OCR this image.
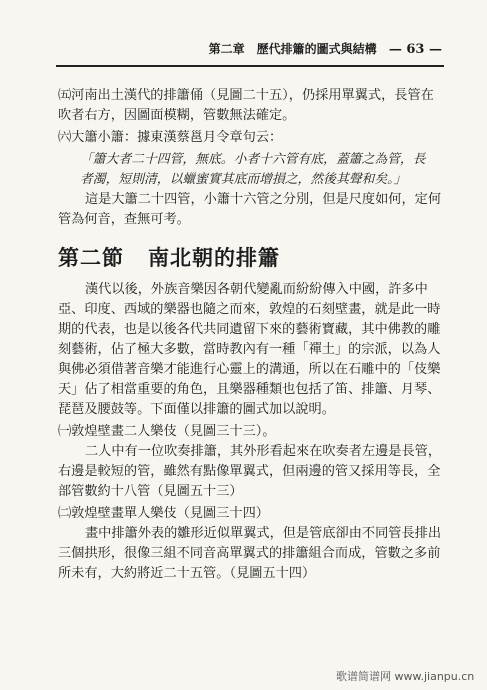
第二章　歷代排簫的圖式與結構 — 63 —

㈤河南出土漢代的排簫俑（見圖二十五），仍採用單翼式，長管在吹者右方，因圖面模糊，管數無法確定。

㈥大簫小簫：據東漢蔡邕月令章句云：

「簫大者二十四管，無底。小者十六管有底，蓋簫之為管，長者濁，短則清，以蠟蜜實其底而增損之，然後其聲和矣。」

這是大簫二十四管，小簫十六管之分別，但是尺度如何，定何管為何音，查無可考。

第二節 南北朝的排簫

漢代以後，外族音樂因各朝代變亂而紛紛傳入中國，許多中亞、印度、西域的樂器也隨之而來，敦煌的石刻壁畫，就是此一時期的代表，也是以後各代共同遺留下來的藝術寶藏，其中佛教的雕刻藝術，佔了極大多數，當時教內有一種「禪土」的宗派，以為人與佛必須借著音樂才能進行心靈上的溝通，所以在石雕中的「伎樂天」佔了相當重要的角色，且樂器種類也包括了笛、排簫、月琴、琵琶及腰鼓等。下面僅以排簫的圖式加以說明。

㈠敦煌壁畫二人樂伎（見圖三十三）。

二人中有一位吹奏排簫，其外形看起來在吹奏者左邊是長管，右邊是較短的管，雖然有點像單翼式，但兩邊的管又採用等長，全部管數約十八管（見圖五十三）

㈡敦煌壁畫單人樂伎（見圖三十四）

畫中排簫外表的雛形近似單翼式，但是管底卻由不同管長排出三個拱形，很像三組不同音高單翼式的排簫組合而成，管數之多前所未有，大約將近二十五管。（見圖五十四）

歌谱简谱网 www.jianpu.cn
